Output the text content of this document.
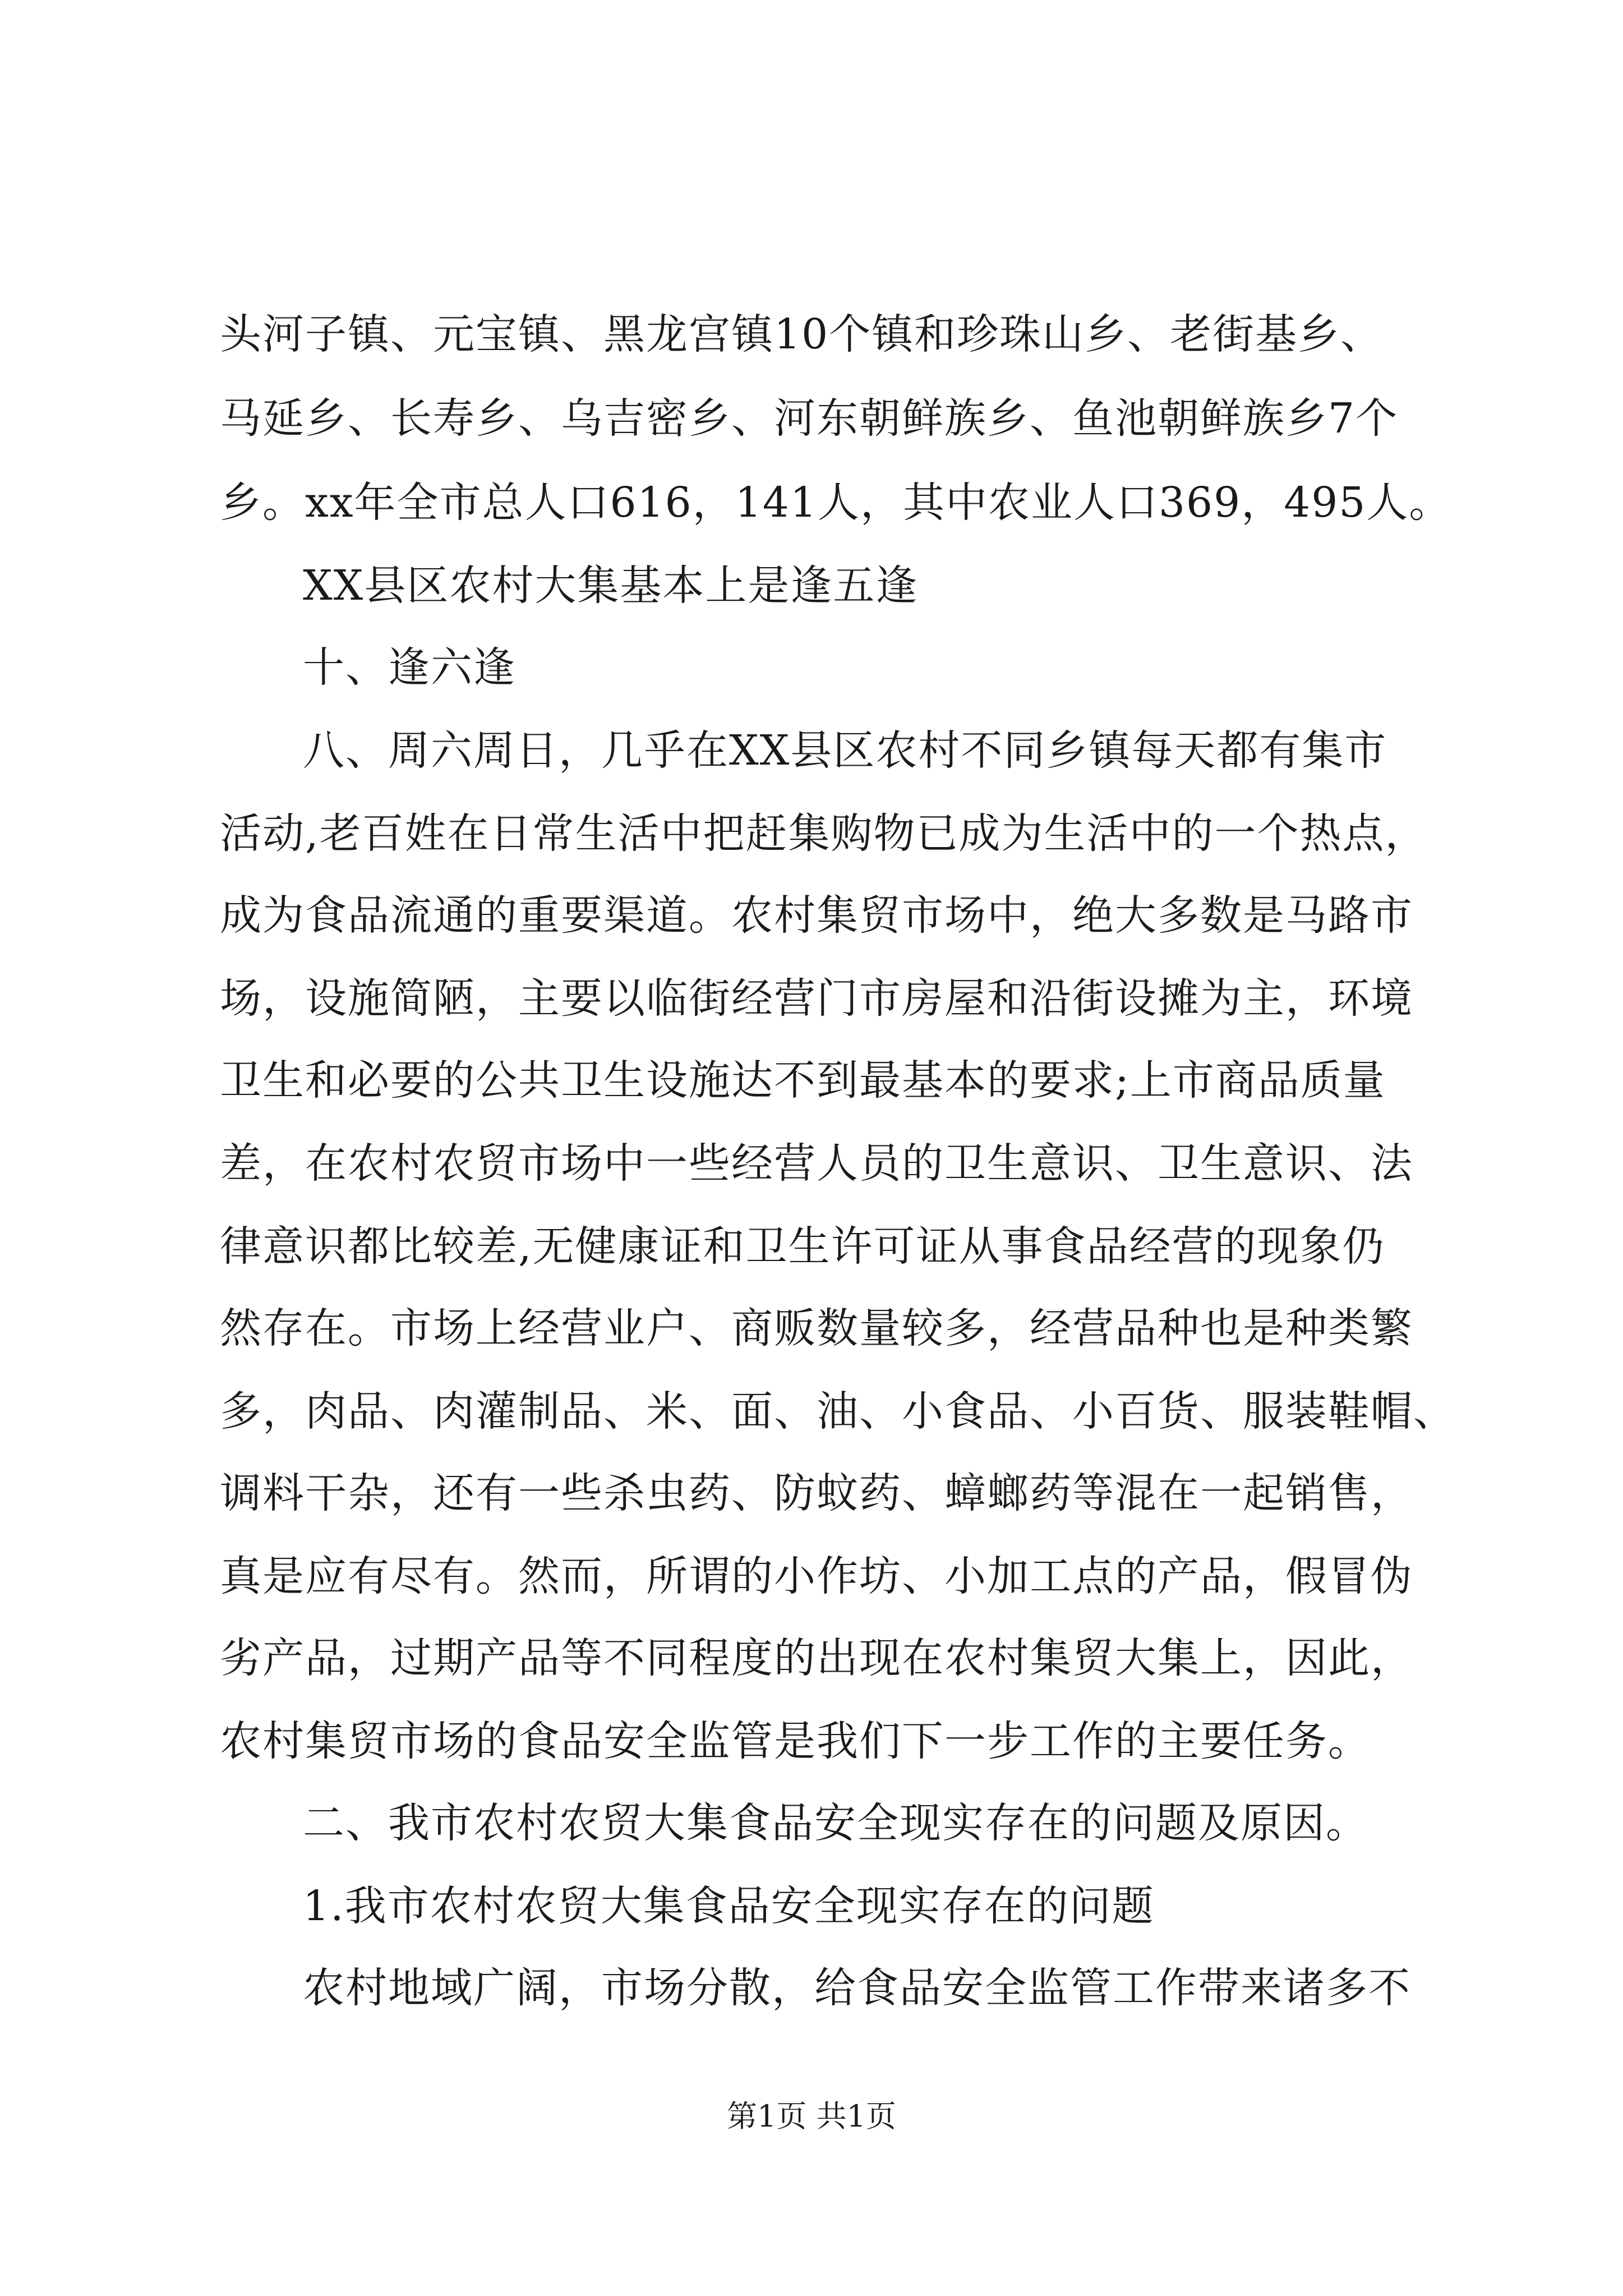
头河子镇、元宝镇、黑龙宫镇10个镇和珍珠山乡、老街基乡、
马延乡、长寿乡、乌吉密乡、河东朝鲜族乡、鱼池朝鲜族乡7个
乡。xx年全市总人口616，141人，其中农业人口369，495人。
XX县区农村大集基本上是逢五逢
十、逢六逢
八、周六周日，几乎在XX县区农村不同乡镇每天都有集市
活动,老百姓在日常生活中把赶集购物已成为生活中的一个热点，
成为食品流通的重要渠道。农村集贸市场中，绝大多数是马路市
场，设施简陋，主要以临街经营门市房屋和沿街设摊为主，环境
卫生和必要的公共卫生设施达不到最基本的要求;上市商品质量
差，在农村农贸市场中一些经营人员的卫生意识、卫生意识、法
律意识都比较差,无健康证和卫生许可证从事食品经营的现象仍
然存在。市场上经营业户、商贩数量较多，经营品种也是种类繁
多，肉品、肉灌制品、米、面、油、小食品、小百货、服装鞋帽、
调料干杂，还有一些杀虫药、防蚊药、蟑螂药等混在一起销售，
真是应有尽有。然而，所谓的小作坊、小加工点的产品，假冒伪
劣产品，过期产品等不同程度的出现在农村集贸大集上，因此，
农村集贸市场的食品安全监管是我们下一步工作的主要任务。
二、我市农村农贸大集食品安全现实存在的问题及原因。
1.我市农村农贸大集食品安全现实存在的问题
农村地域广阔，市场分散，给食品安全监管工作带来诸多不
第1页 共1页
